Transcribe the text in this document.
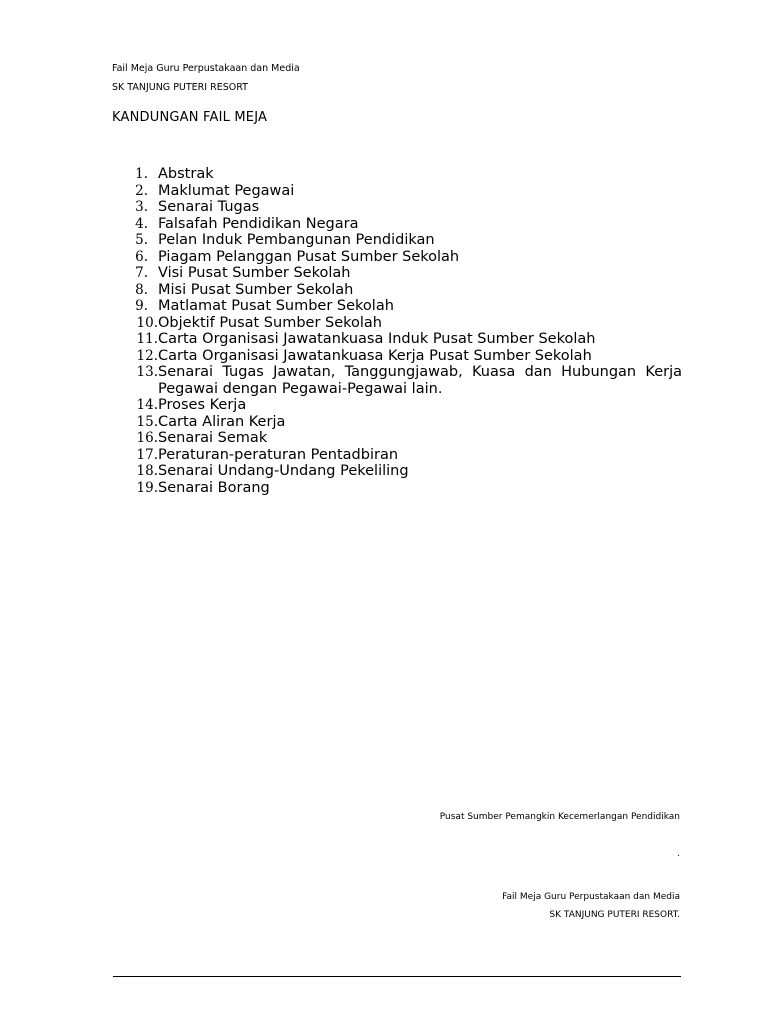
Fail Meja Guru Perpustakaan dan Media
SK TANJUNG PUTERI RESORT
KANDUNGAN FAIL MEJA
1. Abstrak
2. Maklumat Pegawai
3. Senarai Tugas
4. Falsafah Pendidikan Negara
5. Pelan Induk Pembangunan Pendidikan
6. Piagam Pelanggan Pusat Sumber Sekolah
7. Visi Pusat Sumber Sekolah
8. Misi Pusat Sumber Sekolah
9. Matlamat Pusat Sumber Sekolah
10. Objektif Pusat Sumber Sekolah
11. Carta Organisasi Jawatankuasa Induk Pusat Sumber Sekolah
12. Carta Organisasi Jawatankuasa Kerja Pusat Sumber Sekolah
13. Senarai Tugas Jawatan, Tanggungjawab, Kuasa dan Hubungan Kerja Pegawai dengan Pegawai-Pegawai lain.
14. Proses Kerja
15. Carta Aliran Kerja
16. Senarai Semak
17. Peraturan-peraturan Pentadbiran
18. Senarai Undang-Undang Pekeliling
19. Senarai Borang
Pusat Sumber Pemangkin Kecemerlangan Pendidikan
.
Fail Meja Guru Perpustakaan dan Media
SK TANJUNG PUTERI RESORT.
